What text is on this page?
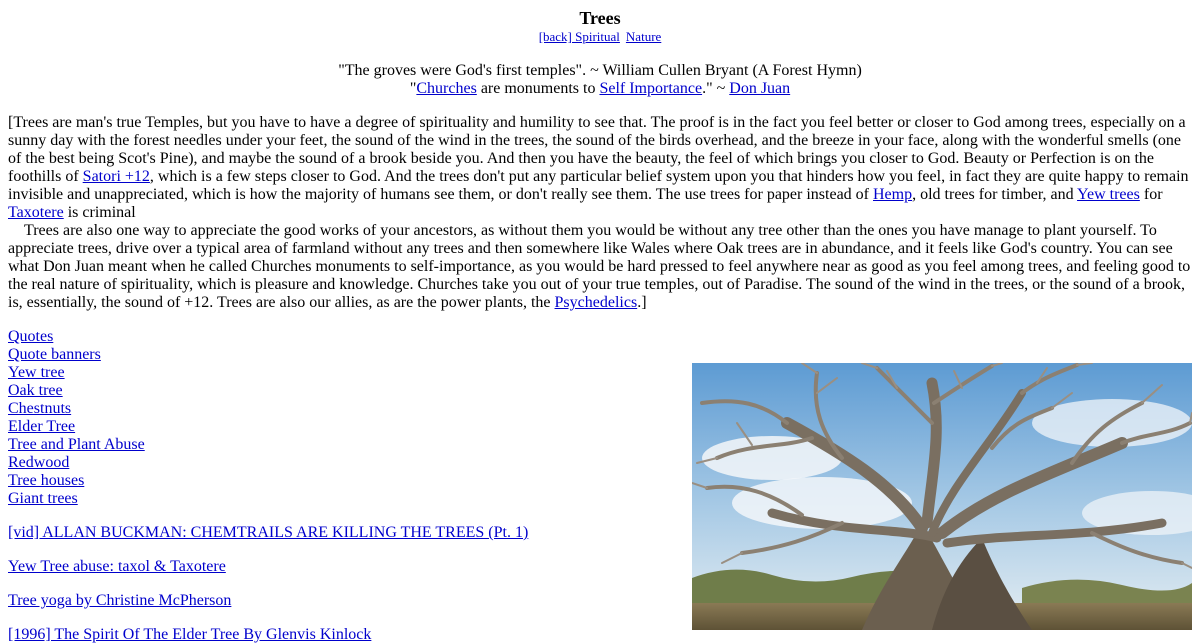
Trees
[back] Spiritual Nature
"The groves were God's first temples". ~ William Cullen Bryant (A Forest Hymn)
"Churches are monuments to Self Importance." ~ Don Juan

[Trees are man's true Temples, but you have to have a degree of spirituality and humility to see that. The proof is in the fact you feel better or closer to God among trees, especially on a sunny day with the forest needles under your feet, the sound of the wind in the trees, the sound of the birds overhead, and the breeze in your face, along with the wonderful smells (one of the best being Scot's Pine), and maybe the sound of a brook beside you. And then you have the beauty, the feel of which brings you closer to God. Beauty or Perfection is on the foothills of Satori +12, which is a few steps closer to God. And the trees don't put any particular belief system upon you that hinders how you feel, in fact they are quite happy to remain invisible and unappreciated, which is how the majority of humans see them, or don't really see them. The use trees for paper instead of Hemp, old trees for timber, and Yew trees for Taxotere is criminal

Trees are also one way to appreciate the good works of your ancestors, as without them you would be without any tree other than the ones you have manage to plant yourself. To appreciate trees, drive over a typical area of farmland without any trees and then somewhere like Wales where Oak trees are in abundance, and it feels like God's country. You can see what Don Juan meant when he called Churches monuments to self-importance, as you would be hard pressed to feel anywhere near as good as you feel among trees, and feeling good to the real nature of spirituality, which is pleasure and knowledge. Churches take you out of your true temples, out of Paradise. The sound of the wind in the trees, or the sound of a brook, is, essentially, the sound of +12. Trees are also our allies, as are the power plants, the Psychedelics.]

Quotes
Quote banners
Yew tree
Oak tree
Chestnuts
Elder Tree
Tree and Plant Abuse
Redwood
Tree houses
Giant trees
[vid] ALLAN BUCKMAN: CHEMTRAILS ARE KILLING THE TREES (Pt. 1)
Yew Tree abuse: taxol & Taxotere
Tree yoga by Christine McPherson
[1996] The Spirit Of The Elder Tree By Glenvis Kinlock
